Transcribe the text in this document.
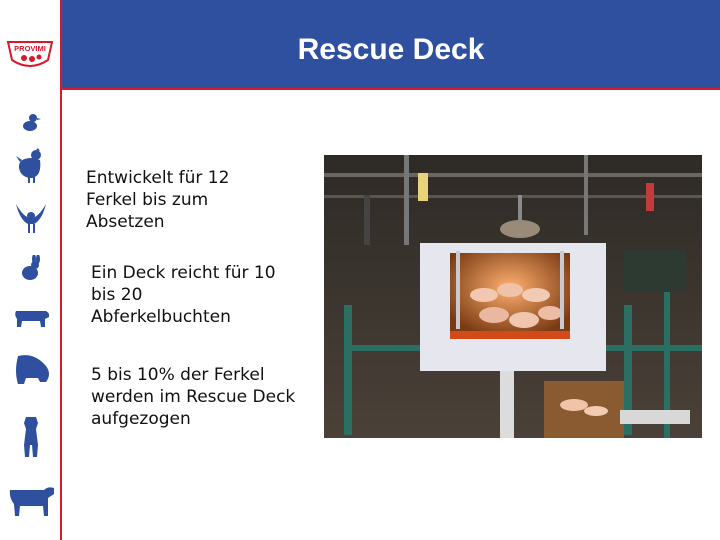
PROVIMI	Rescue Deck
Entwickelt für 12 Ferkel bis zum Absetzen
Ein Deck reicht für 10 bis 20 Abferkelbuchten
5 bis 10% der Ferkel werden im Rescue Deck aufgezogen
